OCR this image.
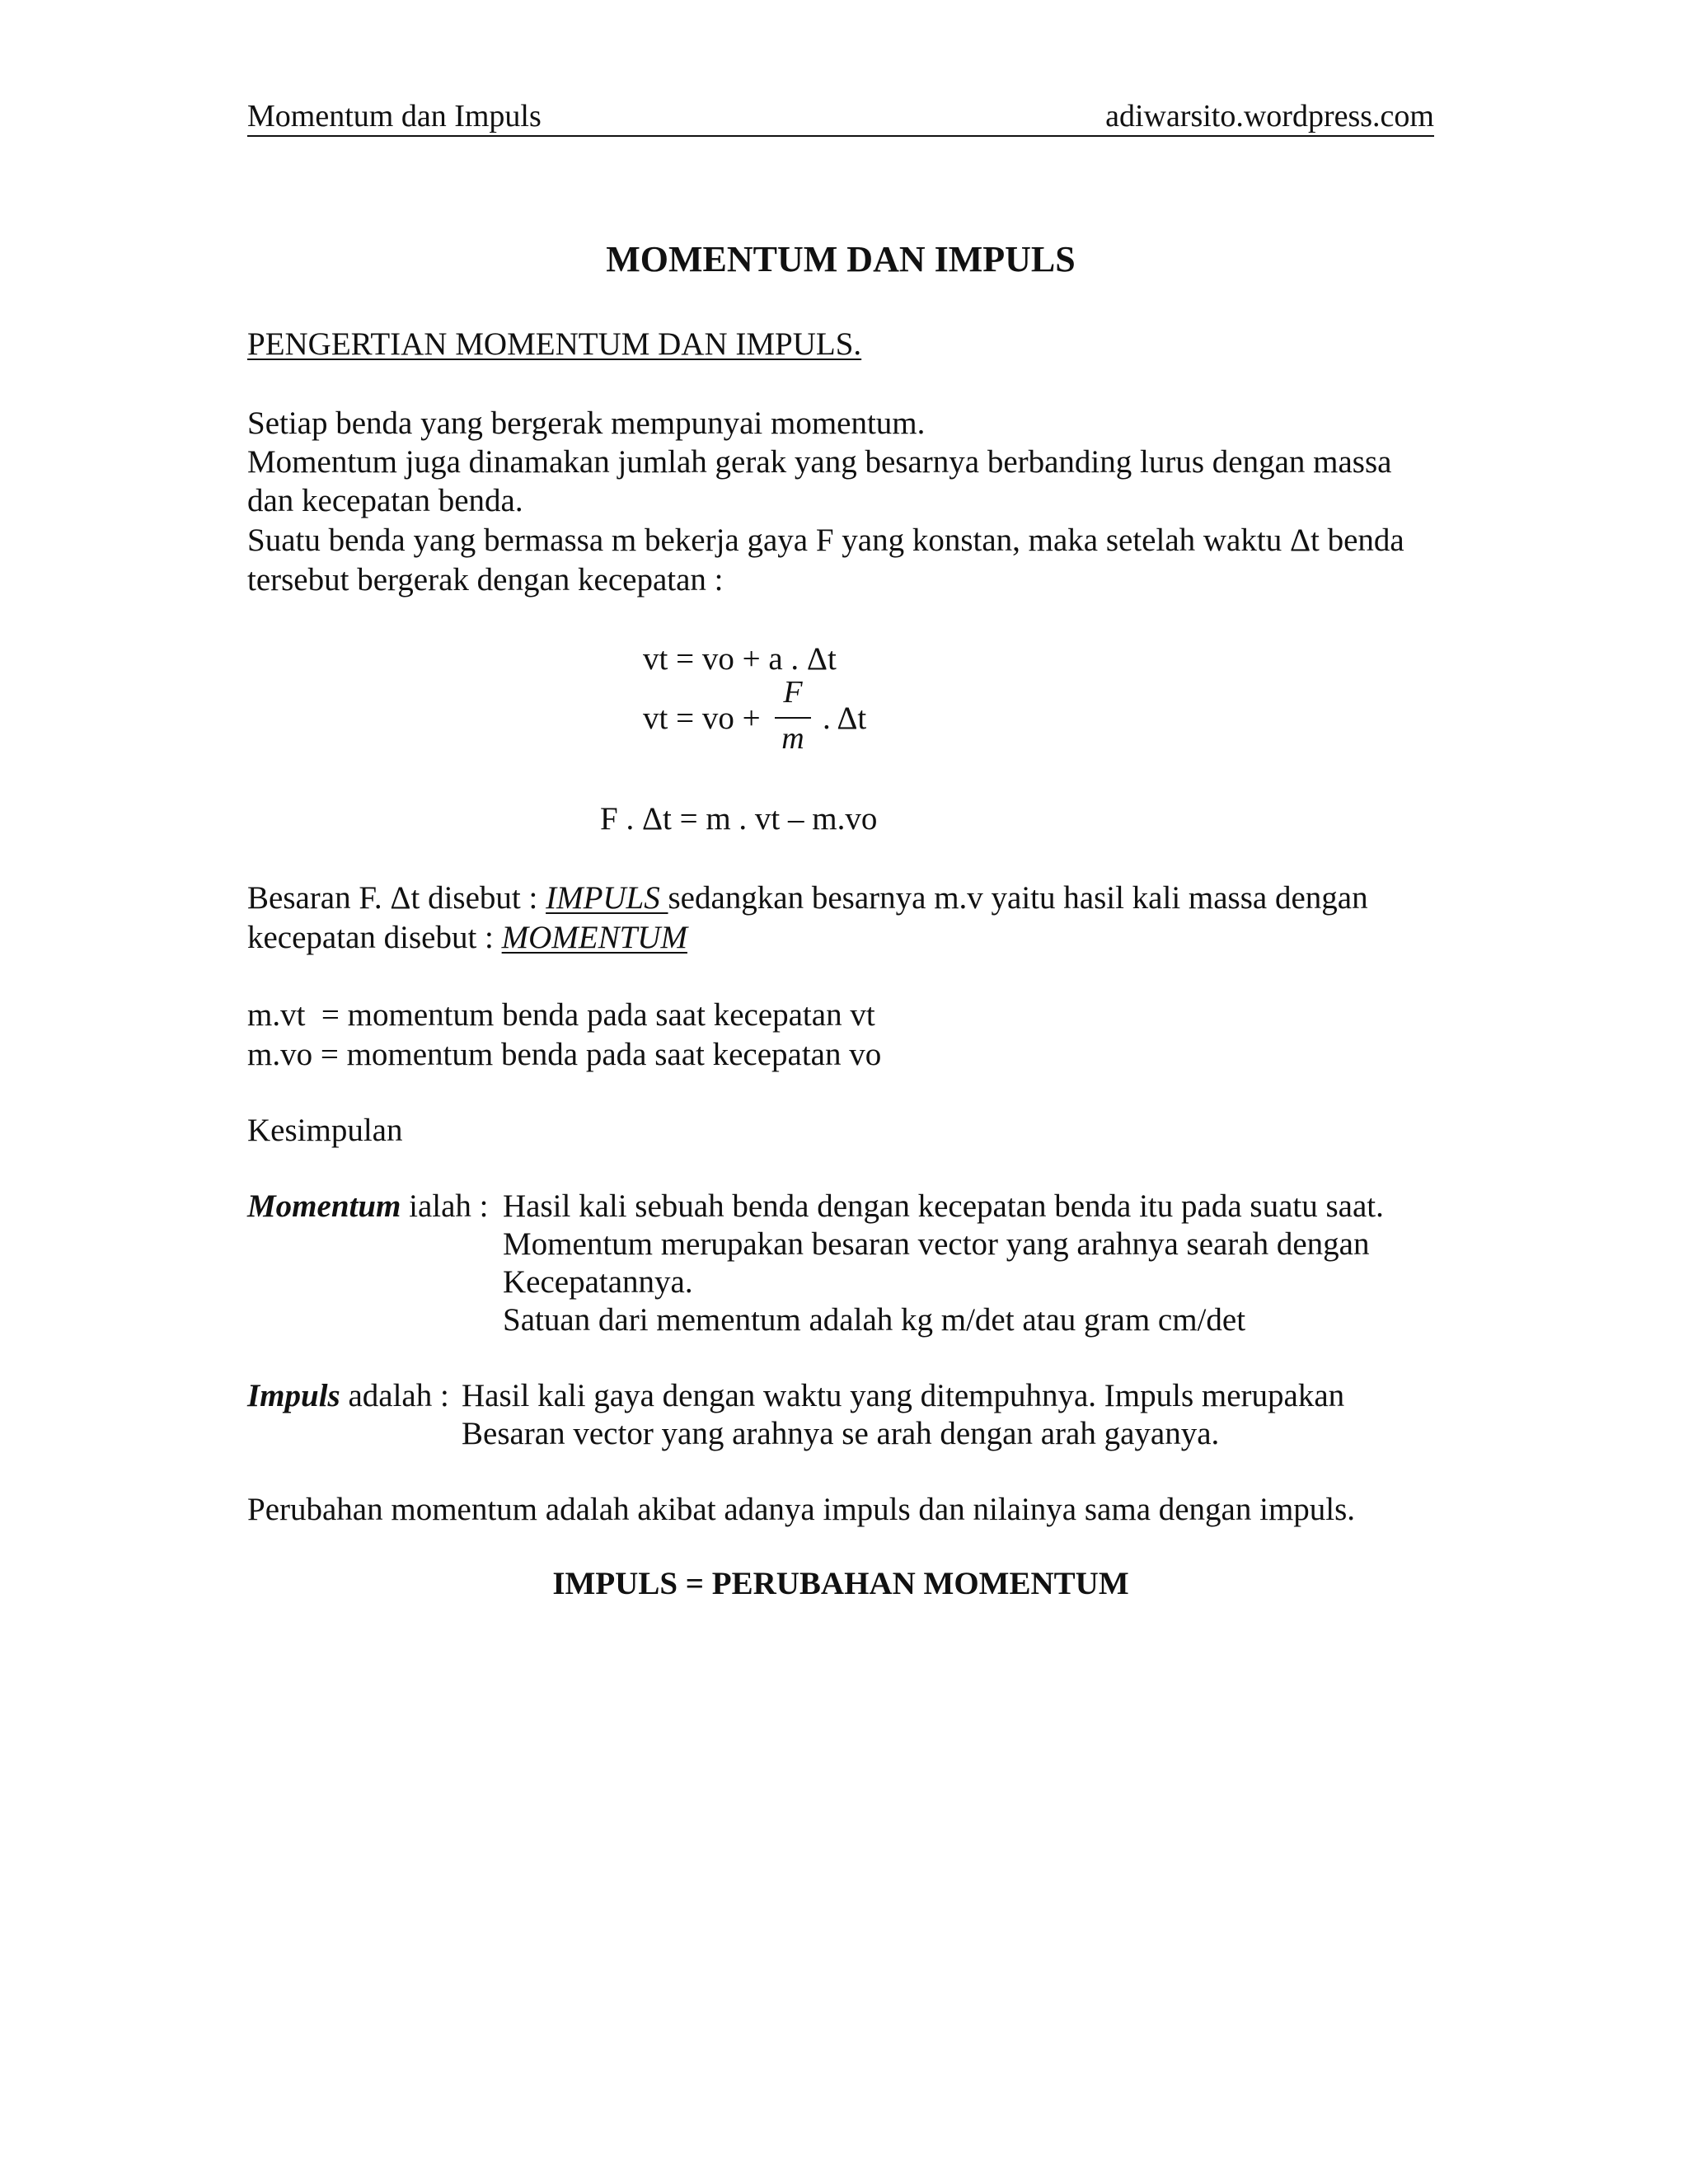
Momentum dan Impuls	adiwarsito.wordpress.com
MOMENTUM DAN IMPULS
PENGERTIAN MOMENTUM DAN IMPULS.
Setiap benda yang bergerak mempunyai momentum.
Momentum juga dinamakan jumlah gerak yang besarnya berbanding lurus dengan massa
dan kecepatan benda.
Suatu benda yang bermassa m bekerja gaya F yang konstan, maka setelah waktu Δt benda
tersebut bergerak dengan kecepatan :
vt = vo + a . Δt
vt = vo +
F
m
. Δt
F . Δt = m . vt – m.vo
Besaran F. Δt disebut : IMPULS sedangkan besarnya m.v yaitu hasil kali massa dengan
kecepatan disebut : MOMENTUM
m.vt  = momentum benda pada saat kecepatan vt
m.vo = momentum benda pada saat kecepatan vo
Kesimpulan
Momentum ialah : Hasil kali sebuah benda dengan kecepatan benda itu pada suatu saat.
Momentum merupakan besaran vector yang arahnya searah dengan
Kecepatannya.
Satuan dari mementum adalah kg m/det atau gram cm/det
Impuls adalah : Hasil kali gaya dengan waktu yang ditempuhnya. Impuls merupakan
Besaran vector yang arahnya se arah dengan arah gayanya.
Perubahan momentum adalah akibat adanya impuls dan nilainya sama dengan impuls.
IMPULS = PERUBAHAN MOMENTUM
